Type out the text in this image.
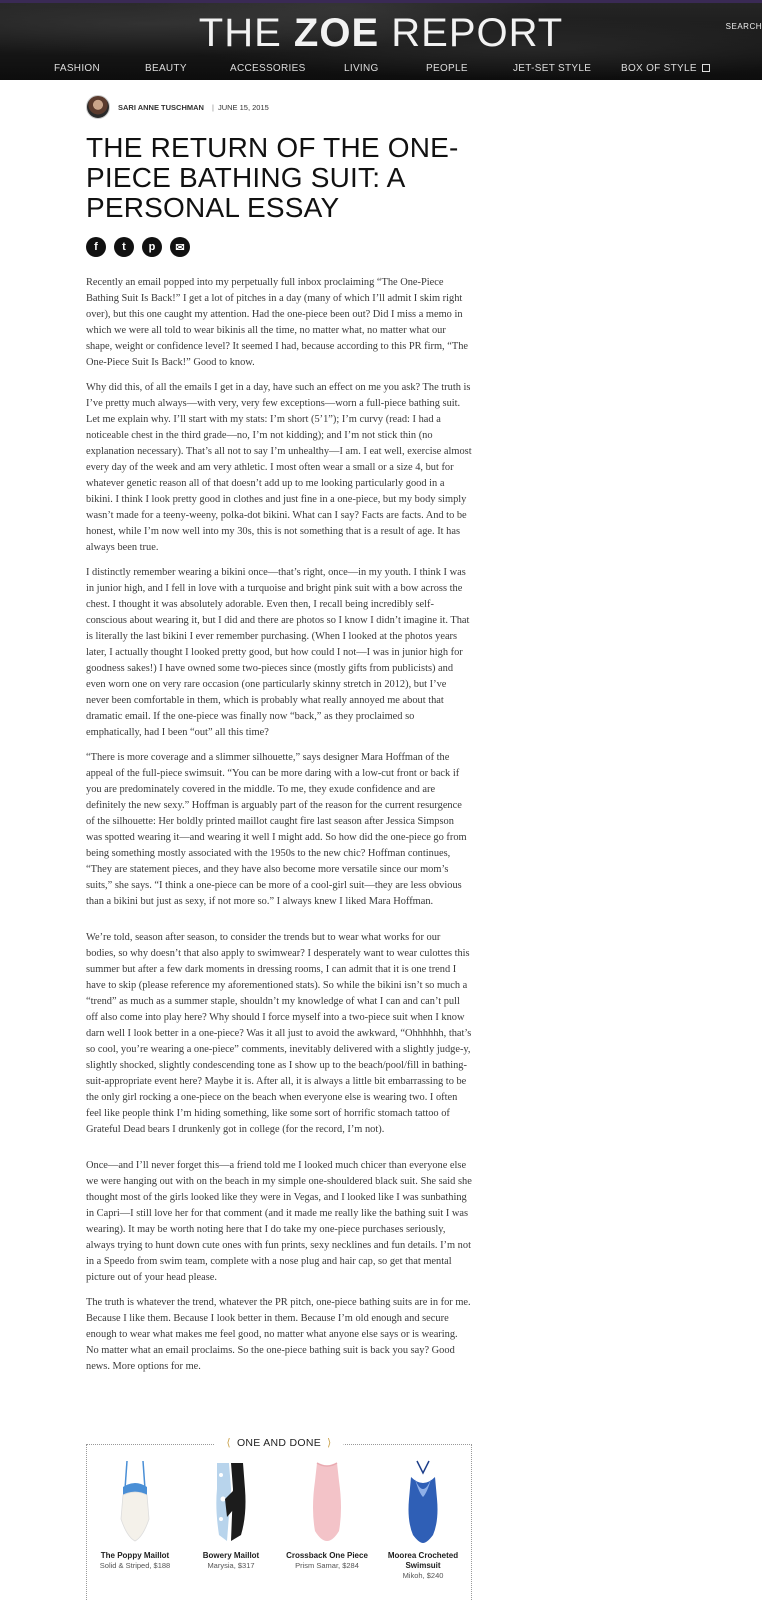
THE ZOE REPORT	SEARCH
FASHION	BEAUTY	ACCESSORIES	LIVING	PEOPLE	JET-SET STYLE	BOX OF STYLE
SARI ANNE TUSCHMAN | JUNE 15, 2015
THE RETURN OF THE ONE-PIECE BATHING SUIT: A PERSONAL ESSAY
f	t	p	✉

Recently an email popped into my perpetually full inbox proclaiming “The One-Piece Bathing Suit Is Back!” I get a lot of pitches in a day (many of which I’ll admit I skim right over), but this one caught my attention. Had the one-piece been out? Did I miss a memo in which we were all told to wear bikinis all the time, no matter what, no matter what our shape, weight or confidence level? It seemed I had, because according to this PR firm, “The One-Piece Suit Is Back!” Good to know.

Why did this, of all the emails I get in a day, have such an effect on me you ask? The truth is I’ve pretty much always—with very, very few exceptions—worn a full-piece bathing suit. Let me explain why. I’ll start with my stats: I’m short (5’1”); I’m curvy (read: I had a noticeable chest in the third grade—no, I’m not kidding); and I’m not stick thin (no explanation necessary). That’s all not to say I’m unhealthy—I am. I eat well, exercise almost every day of the week and am very athletic. I most often wear a small or a size 4, but for whatever genetic reason all of that doesn’t add up to me looking particularly good in a bikini. I think I look pretty good in clothes and just fine in a one-piece, but my body simply wasn’t made for a teeny-weeny, polka-dot bikini. What can I say? Facts are facts. And to be honest, while I’m now well into my 30s, this is not something that is a result of age. It has always been true.

I distinctly remember wearing a bikini once—that’s right, once—in my youth. I think I was in junior high, and I fell in love with a turquoise and bright pink suit with a bow across the chest. I thought it was absolutely adorable. Even then, I recall being incredibly self-conscious about wearing it, but I did and there are photos so I know I didn’t imagine it. That is literally the last bikini I ever remember purchasing. (When I looked at the photos years later, I actually thought I looked pretty good, but how could I not—I was in junior high for goodness sakes!) I have owned some two-pieces since (mostly gifts from publicists) and even worn one on very rare occasion (one particularly skinny stretch in 2012), but I’ve never been comfortable in them, which is probably what really annoyed me about that dramatic email. If the one-piece was finally now “back,” as they proclaimed so emphatically, had I been “out” all this time?

“There is more coverage and a slimmer silhouette,” says designer Mara Hoffman of the appeal of the full-piece swimsuit. “You can be more daring with a low-cut front or back if you are predominately covered in the middle. To me, they exude confidence and are definitely the new sexy.” Hoffman is arguably part of the reason for the current resurgence of the silhouette: Her boldly printed maillot caught fire last season after Jessica Simpson was spotted wearing it—and wearing it well I might add. So how did the one-piece go from being something mostly associated with the 1950s to the new chic? Hoffman continues, “They are statement pieces, and they have also become more versatile since our mom’s suits,” she says. “I think a one-piece can be more of a cool-girl suit—they are less obvious than a bikini but just as sexy, if not more so.” I always knew I liked Mara Hoffman.

We’re told, season after season, to consider the trends but to wear what works for our bodies, so why doesn’t that also apply to swimwear? I desperately want to wear culottes this summer but after a few dark moments in dressing rooms, I can admit that it is one trend I have to skip (please reference my aforementioned stats). So while the bikini isn’t so much a “trend” as much as a summer staple, shouldn’t my knowledge of what I can and can’t pull off also come into play here? Why should I force myself into a two-piece suit when I know darn well I look better in a one-piece? Was it all just to avoid the awkward, “Ohhhhhh, that’s so cool, you’re wearing a one-piece” comments, inevitably delivered with a slightly judge-y, slightly shocked, slightly condescending tone as I show up to the beach/pool/fill in bathing-suit-appropriate event here? Maybe it is. After all, it is always a little bit embarrassing to be the only girl rocking a one-piece on the beach when everyone else is wearing two. I often feel like people think I’m hiding something, like some sort of horrific stomach tattoo of Grateful Dead bears I drunkenly got in college (for the record, I’m not).

Once—and I’ll never forget this—a friend told me I looked much chicer than everyone else we were hanging out with on the beach in my simple one-shouldered black suit. She said she thought most of the girls looked like they were in Vegas, and I looked like I was sunbathing in Capri—I still love her for that comment (and it made me really like the bathing suit I was wearing). It may be worth noting here that I do take my one-piece purchases seriously, always trying to hunt down cute ones with fun prints, sexy necklines and fun details. I’m not in a Speedo from swim team, complete with a nose plug and hair cap, so get that mental picture out of your head please.

The truth is whatever the trend, whatever the PR pitch, one-piece bathing suits are in for me. Because I like them. Because I look better in them. Because I’m old enough and secure enough to wear what makes me feel good, no matter what anyone else says or is wearing. No matter what an email proclaims. So the one-piece bathing suit is back you say? Good news. More options for me.

⟨ ONE AND DONE ⟩
The Poppy Maillot
Solid & Striped, $188
Bowery Maillot
Marysia, $317
Crossback One Piece
Prism Samar, $284
Moorea Crocheted Swimsuit
Mikoh, $240
